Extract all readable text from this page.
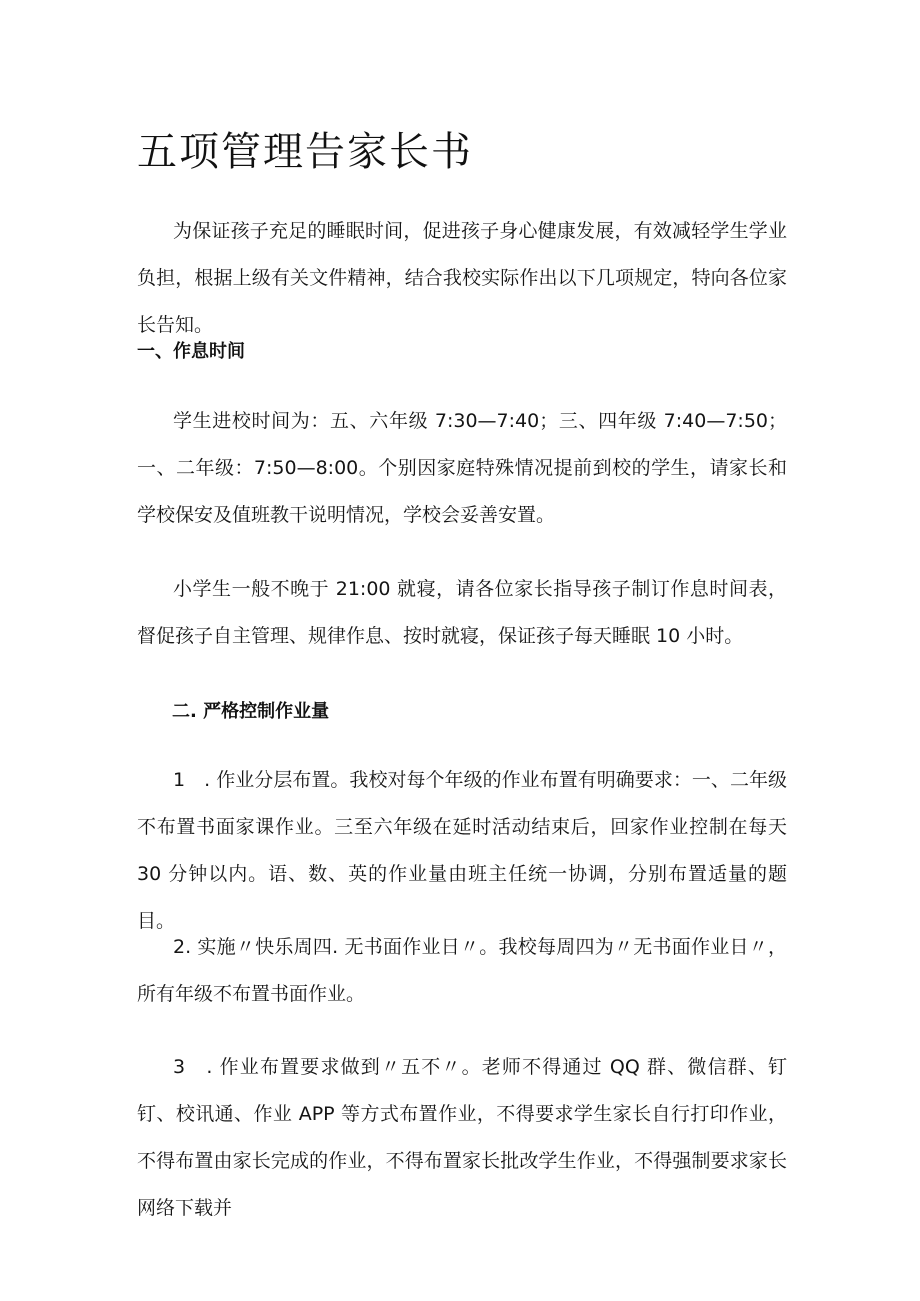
五项管理告家长书

为保证孩子充足的睡眠时间，促进孩子身心健康发展，有效减轻学生学业负担，根据上级有关文件精神，结合我校实际作出以下几项规定，特向各位家长告知。

一、作息时间

学生进校时间为：五、六年级 7:30—7:40；三、四年级 7:40—7:50；一、二年级：7:50—8:00。个别因家庭特殊情况提前到校的学生，请家长和学校保安及值班教干说明情况，学校会妥善安置。

小学生一般不晚于 21:00 就寝，请各位家长指导孩子制订作息时间表，督促孩子自主管理、规律作息、按时就寝，保证孩子每天睡眠 10 小时。

二. 严格控制作业量

1　. 作业分层布置。我校对每个年级的作业布置有明确要求：一、二年级不布置书面家课作业。三至六年级在延时活动结束后，回家作业控制在每天 30 分钟以内。语、数、英的作业量由班主任统一协调，分别布置适量的题目。

2. 实施〃快乐周四. 无书面作业日〃。我校每周四为〃无书面作业日〃，所有年级不布置书面作业。

3　. 作业布置要求做到〃五不〃。老师不得通过 QQ 群、微信群、钉钉、校讯通、作业 APP 等方式布置作业，不得要求学生家长自行打印作业，不得布置由家长完成的作业，不得布置家长批改学生作业，不得强制要求家长网络下载并
